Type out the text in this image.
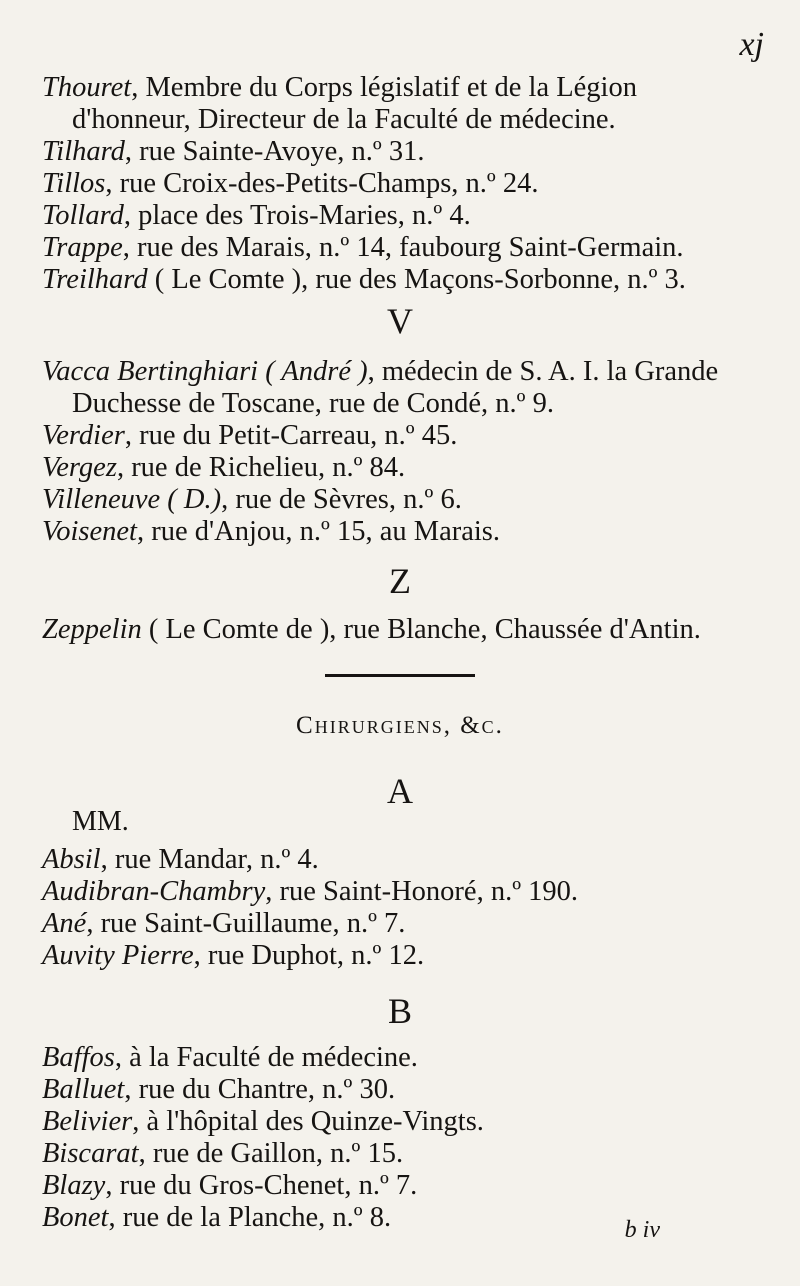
xj
Thouret, Membre du Corps législatif et de la Légion
d'honneur, Directeur de la Faculté de médecine.
Tilhard, rue Sainte-Avoye, n.º 31.
Tillos, rue Croix-des-Petits-Champs, n.º 24.
Tollard, place des Trois-Maries, n.º 4.
Trappe, rue des Marais, n.º 14, faubourg Saint-Germain.
Treilhard ( Le Comte ), rue des Maçons-Sorbonne, n.º 3.
V
Vacca Bertinghiari ( André ), médecin de S. A. I. la Grande
Duchesse de Toscane, rue de Condé, n.º 9.
Verdier, rue du Petit-Carreau, n.º 45.
Vergez, rue de Richelieu, n.º 84.
Villeneuve ( D.), rue de Sèvres, n.º 6.
Voisenet, rue d'Anjou, n.º 15, au Marais.
Z
Zeppelin ( Le Comte de ), rue Blanche, Chaussée d'Antin.
Chirurgiens, &c.
A
MM.
Absil, rue Mandar, n.º 4.
Audibran-Chambry, rue Saint-Honoré, n.º 190.
Ané, rue Saint-Guillaume, n.º 7.
Auvity Pierre, rue Duphot, n.º 12.
B
Baffos, à la Faculté de médecine.
Balluet, rue du Chantre, n.º 30.
Belivier, à l'hôpital des Quinze-Vingts.
Biscarat, rue de Gaillon, n.º 15.
Blazy, rue du Gros-Chenet, n.º 7.
Bonet, rue de la Planche, n.º 8.	b iv
